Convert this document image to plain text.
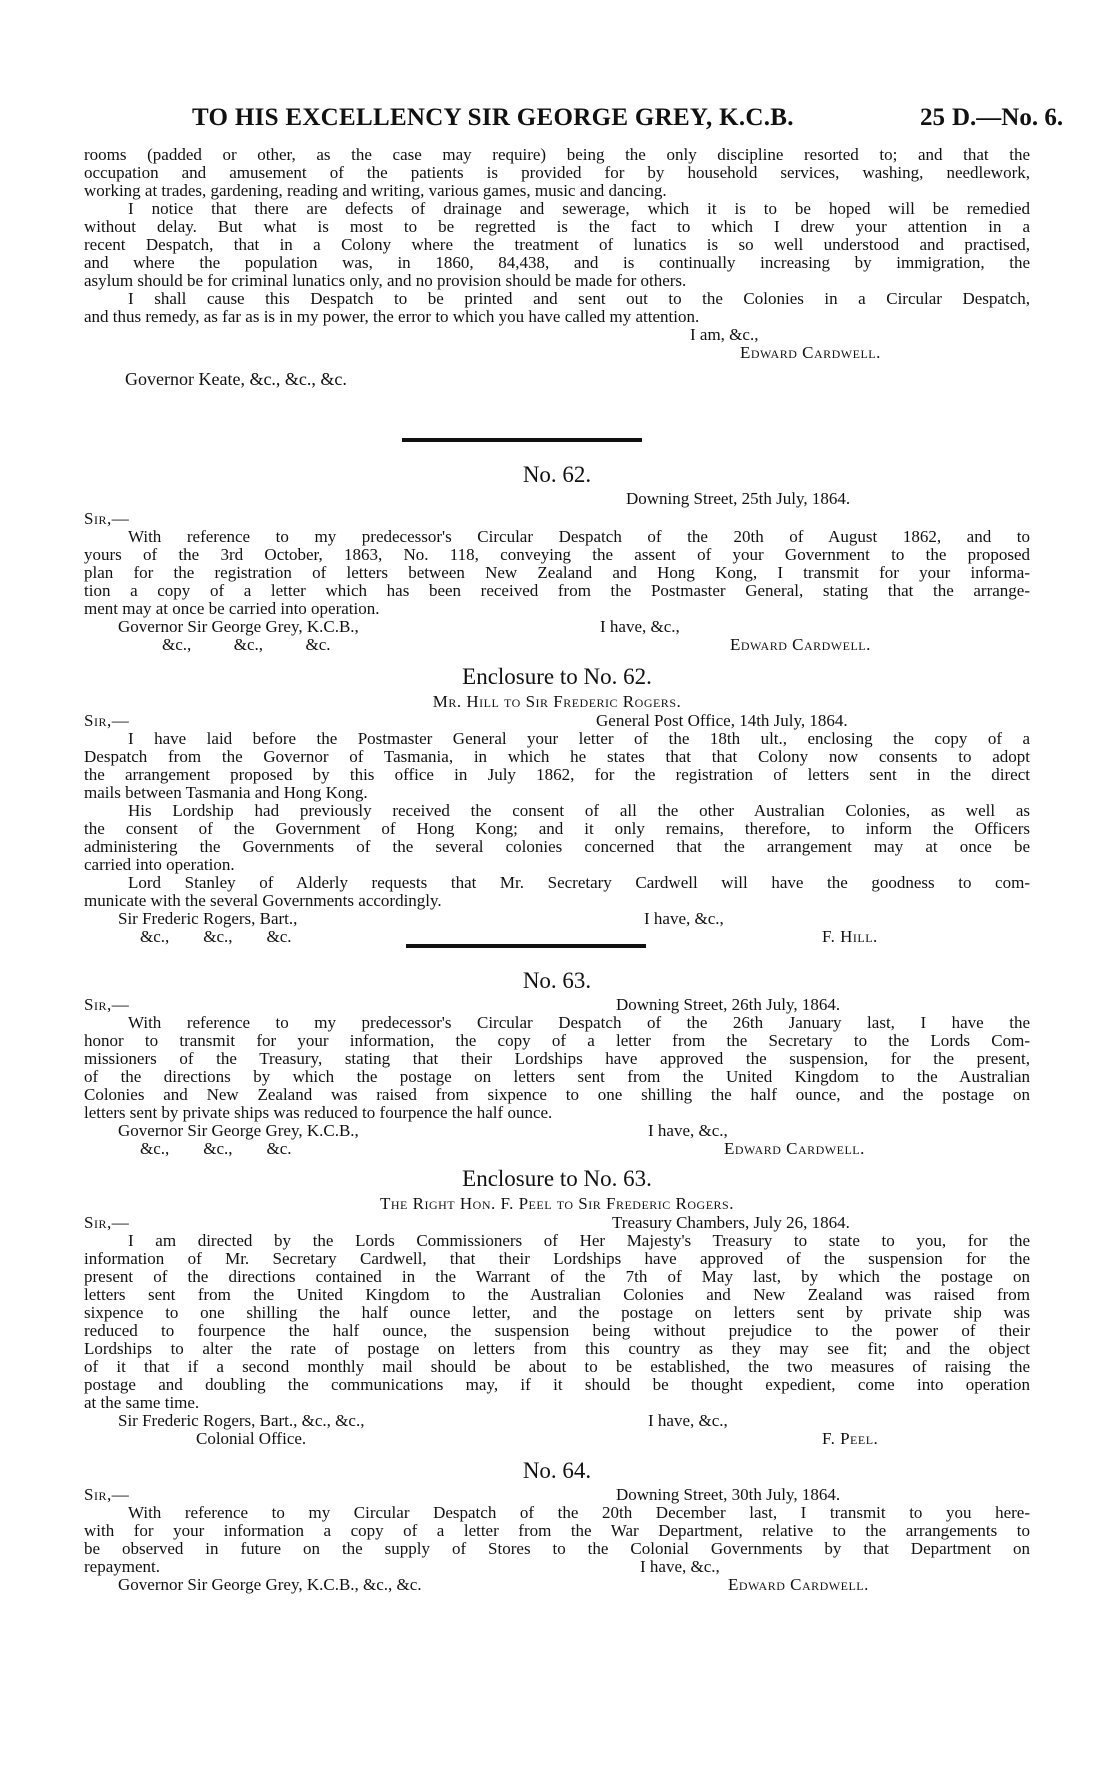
TO HIS EXCELLENCY SIR GEORGE GREY, K.C.B.	25 D.—No. 6.
rooms (padded or other, as the case may require) being the only discipline resorted to; and that the
occupation and amusement of the patients is provided for by household services, washing, needlework,
working at trades, gardening, reading and writing, various games, music and dancing.
I notice that there are defects of drainage and sewerage, which it is to be hoped will be remedied
without delay. But what is most to be regretted is the fact to which I drew your attention in a
recent Despatch, that in a Colony where the treatment of lunatics is so well understood and practised,
and where the population was, in 1860, 84,438, and is continually increasing by immigration, the
asylum should be for criminal lunatics only, and no provision should be made for others.
I shall cause this Despatch to be printed and sent out to the Colonies in a Circular Despatch,
and thus remedy, as far as is in my power, the error to which you have called my attention.
I am, &c.,
Edward Cardwell.
Governor Keate, &c., &c., &c.
No. 62.
Downing Street, 25th July, 1864.
Sir,—
With reference to my predecessor's Circular Despatch of the 20th of August 1862, and to
yours of the 3rd October, 1863, No. 118, conveying the assent of your Government to the proposed
plan for the registration of letters between New Zealand and Hong Kong, I transmit for your informa-
tion a copy of a letter which has been received from the Postmaster General, stating that the arrange-
ment may at once be carried into operation.
Governor Sir George Grey, K.C.B.,	I have, &c.,
&c.,          &c.,          &c.	Edward Cardwell.
Enclosure to No. 62.
Mr. Hill to Sir Frederic Rogers.
Sir,—	General Post Office, 14th July, 1864.
I have laid before the Postmaster General your letter of the 18th ult., enclosing the copy of a
Despatch from the Governor of Tasmania, in which he states that that Colony now consents to adopt
the arrangement proposed by this office in July 1862, for the registration of letters sent in the direct
mails between Tasmania and Hong Kong.
His Lordship had previously received the consent of all the other Australian Colonies, as well as
the consent of the Government of Hong Kong; and it only remains, therefore, to inform the Officers
administering the Governments of the several colonies concerned that the arrangement may at once be
carried into operation.
Lord Stanley of Alderly requests that Mr. Secretary Cardwell will have the goodness to com-
municate with the several Governments accordingly.
Sir Frederic Rogers, Bart.,	I have, &c.,
&c.,        &c.,        &c.	F. Hill.
No. 63.
Sir,—	Downing Street, 26th July, 1864.
With reference to my predecessor's Circular Despatch of the 26th January last, I have the
honor to transmit for your information, the copy of a letter from the Secretary to the Lords Com-
missioners of the Treasury, stating that their Lordships have approved the suspension, for the present,
of the directions by which the postage on letters sent from the United Kingdom to the Australian
Colonies and New Zealand was raised from sixpence to one shilling the half ounce, and the postage on
letters sent by private ships was reduced to fourpence the half ounce.
Governor Sir George Grey, K.C.B.,	I have, &c.,
&c.,        &c.,        &c.	Edward Cardwell.
Enclosure to No. 63.
The Right Hon. F. Peel to Sir Frederic Rogers.
Sir,—	Treasury Chambers, July 26, 1864.
I am directed by the Lords Commissioners of Her Majesty's Treasury to state to you, for the
information of Mr. Secretary Cardwell, that their Lordships have approved of the suspension for the
present of the directions contained in the Warrant of the 7th of May last, by which the postage on
letters sent from the United Kingdom to the Australian Colonies and New Zealand was raised from
sixpence to one shilling the half ounce letter, and the postage on letters sent by private ship was
reduced to fourpence the half ounce, the suspension being without prejudice to the power of their
Lordships to alter the rate of postage on letters from this country as they may see fit; and the object
of it that if a second monthly mail should be about to be established, the two measures of raising the
postage and doubling the communications may, if it should be thought expedient, come into operation
at the same time.
Sir Frederic Rogers, Bart., &c., &c.,	I have, &c.,
Colonial Office.	F. Peel.
No. 64.
Sir,—	Downing Street, 30th July, 1864.
With reference to my Circular Despatch of the 20th December last, I transmit to you here-
with for your information a copy of a letter from the War Department, relative to the arrangements to
be observed in future on the supply of Stores to the Colonial Governments by that Department on
repayment.	I have, &c.,
Governor Sir George Grey, K.C.B., &c., &c.	Edward Cardwell.
